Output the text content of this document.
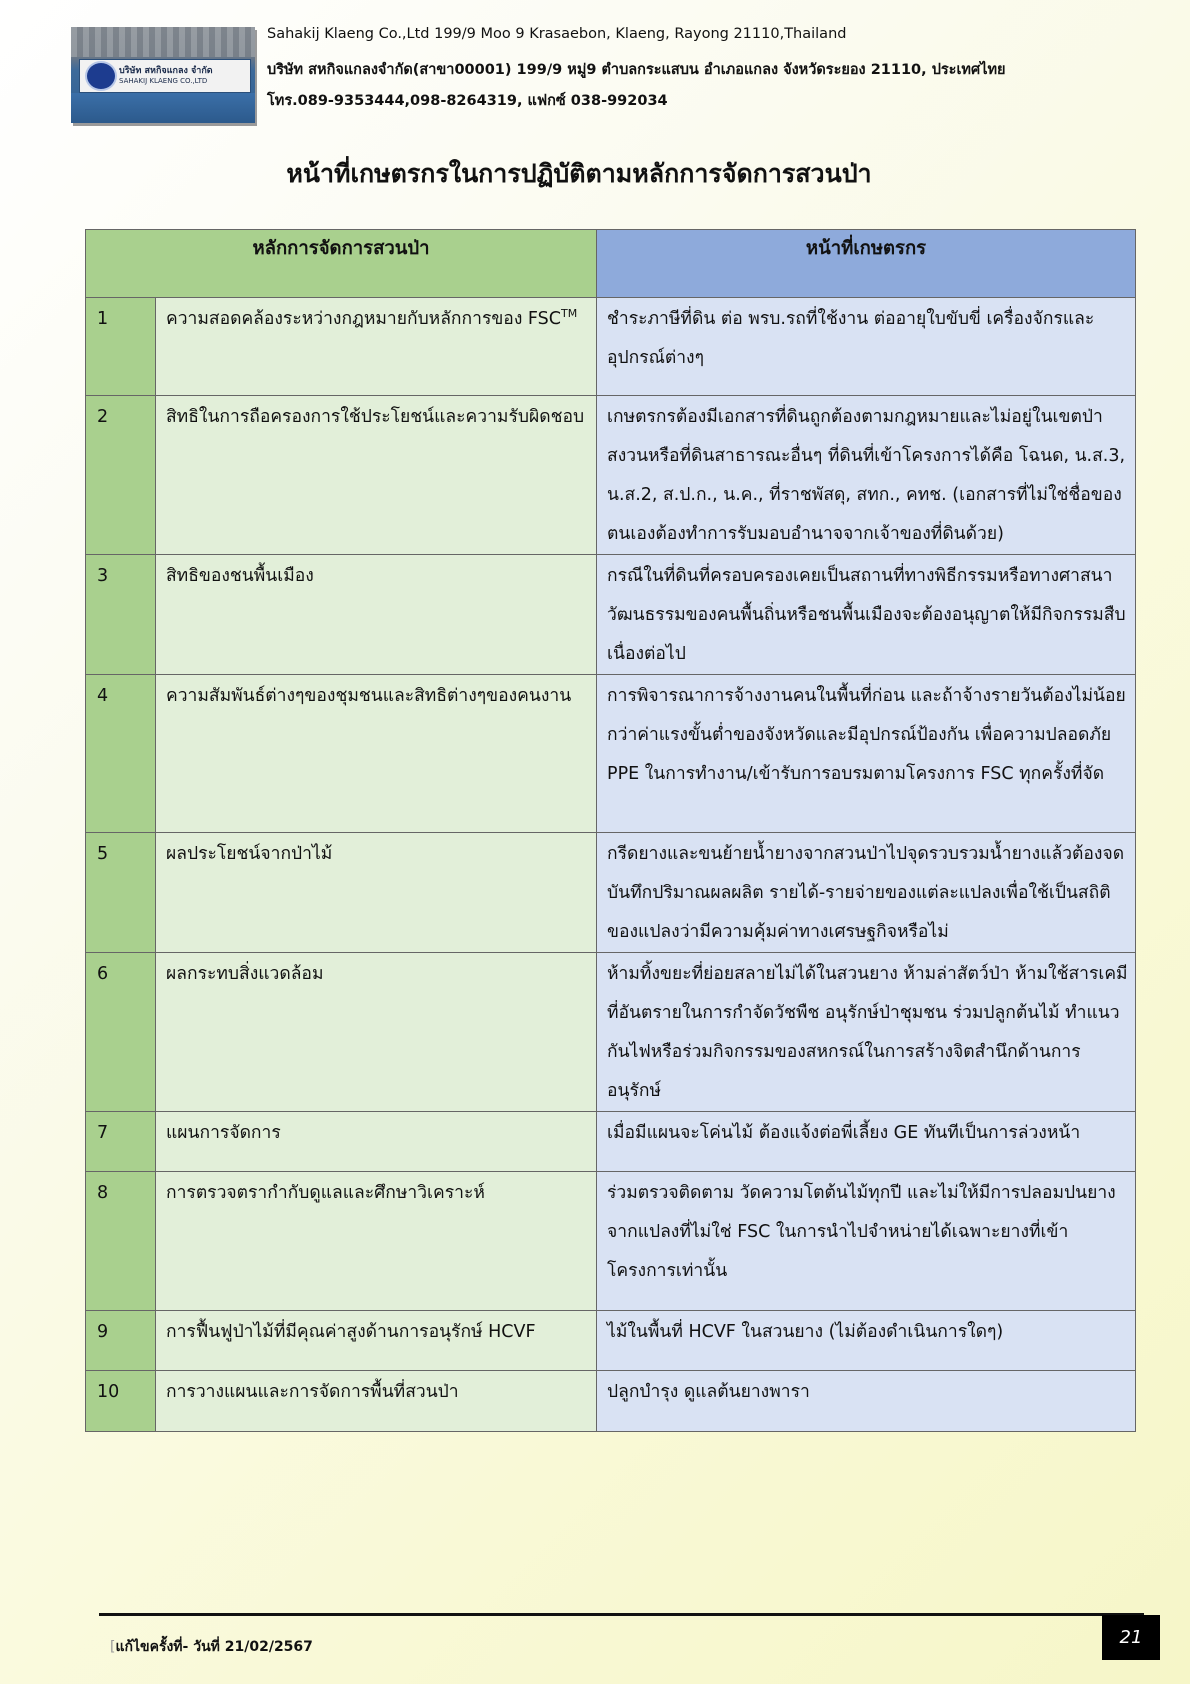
บริษัท สหกิจแกลง จำกัด
SAHAKIJ KLAENG CO.,LTD
Sahakij Klaeng Co.,Ltd 199/9 Moo 9 Krasaebon, Klaeng, Rayong 21110,Thailand
บริษัท สหกิจแกลงจำกัด(สาขา00001) 199/9 หมู่9 ตำบลกระแสบน อำเภอแกลง จังหวัดระยอง 21110, ประเทศไทย
โทร.089-9353444,098-8264319, แฟกซ์ 038-992034
หน้าที่เกษตรกรในการปฏิบัติตามหลักการจัดการสวนป่า
หลักการจัดการสวนป่า		หน้าที่เกษตรกร
1	ความสอดคล้องระหว่างกฎหมายกับหลักการของ FSC™	ชำระภาษีที่ดิน ต่อ พรบ.รถที่ใช้งาน ต่ออายุใบขับขี่ เครื่องจักรและอุปกรณ์ต่างๆ
2	สิทธิในการถือครองการใช้ประโยชน์และความรับผิดชอบ	เกษตรกรต้องมีเอกสารที่ดินถูกต้องตามกฎหมายและไม่อยู่ในเขตป่าสงวนหรือที่ดินสาธารณะอื่นๆ ที่ดินที่เข้าโครงการได้คือ โฉนด, น.ส.3, น.ส.2, ส.ป.ก., น.ค., ที่ราชพัสดุ, สทก., คทช. (เอกสารที่ไม่ใช่ชื่อของตนเองต้องทำการรับมอบอำนาจจากเจ้าของที่ดินด้วย)
3	สิทธิของชนพื้นเมือง	กรณีในที่ดินที่ครอบครองเคยเป็นสถานที่ทางพิธีกรรมหรือทางศาสนา วัฒนธรรมของคนพื้นถิ่นหรือชนพื้นเมืองจะต้องอนุญาตให้มีกิจกรรมสืบเนื่องต่อไป
4	ความสัมพันธ์ต่างๆของชุมชนและสิทธิต่างๆของคนงาน	การพิจารณาการจ้างงานคนในพื้นที่ก่อน และถ้าจ้างรายวันต้องไม่น้อยกว่าค่าแรงขั้นต่ำของจังหวัดและมีอุปกรณ์ป้องกัน เพื่อความปลอดภัย PPE ในการทำงาน/เข้ารับการอบรมตามโครงการ FSC ทุกครั้งที่จัด
5	ผลประโยชน์จากป่าไม้	กรีดยางและขนย้ายน้ำยางจากสวนป่าไปจุดรวบรวมน้ำยางแล้วต้องจดบันทึกปริมาณผลผลิต รายได้-รายจ่ายของแต่ละแปลงเพื่อใช้เป็นสถิติของแปลงว่ามีความคุ้มค่าทางเศรษฐกิจหรือไม่
6	ผลกระทบสิ่งแวดล้อม	ห้ามทิ้งขยะที่ย่อยสลายไม่ได้ในสวนยาง ห้ามล่าสัตว์ป่า ห้ามใช้สารเคมีที่อันตรายในการกำจัดวัชพืช อนุรักษ์ป่าชุมชน ร่วมปลูกต้นไม้ ทำแนวกันไฟหรือร่วมกิจกรรมของสหกรณ์ในการสร้างจิตสำนึกด้านการอนุรักษ์
7	แผนการจัดการ	เมื่อมีแผนจะโค่นไม้ ต้องแจ้งต่อพี่เลี้ยง GE ทันทีเป็นการล่วงหน้า
8	การตรวจตรากำกับดูแลและศึกษาวิเคราะห์	ร่วมตรวจติดตาม วัดความโตต้นไม้ทุกปี และไม่ให้มีการปลอมปนยางจากแปลงที่ไม่ใช่ FSC ในการนำไปจำหน่ายได้เฉพาะยางที่เข้าโครงการเท่านั้น
9	การฟื้นฟูป่าไม้ที่มีคุณค่าสูงด้านการอนุรักษ์ HCVF	ไม้ในพื้นที่ HCVF ในสวนยาง (ไม่ต้องดำเนินการใดๆ)
10	การวางแผนและการจัดการพื้นที่สวนป่า	ปลูกบำรุง ดูแลต้นยางพารา
[แก้ไขครั้งที่- วันที่ 21/02/2567	21
